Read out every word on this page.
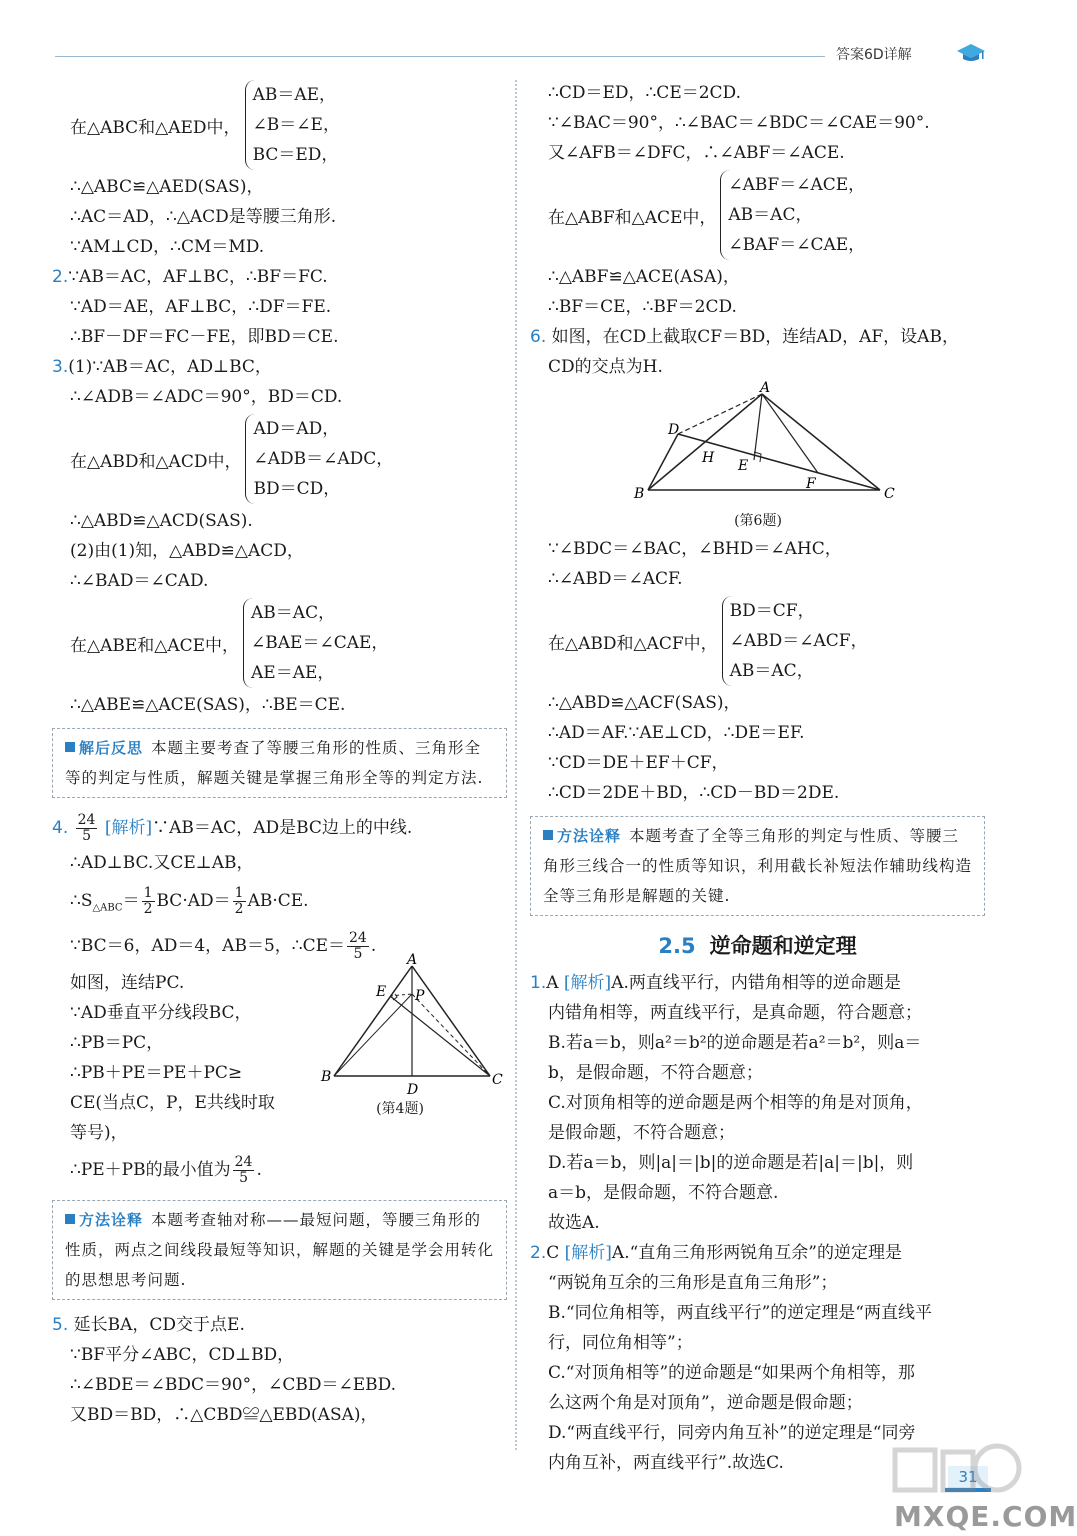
答案6D详解
在△ABC和△AED中，
AB＝AE，
∠B＝∠E，
BC＝ED，
∴△ABC≌△AED(SAS)，
∴AC＝AD，∴△ACD是等腰三角形.
∵AM⊥CD，∴CM＝MD.
2.∵AB＝AC，AF⊥BC，∴BF＝FC.
∵AD＝AE，AF⊥BC，∴DF＝FE.
∴BF－DF＝FC－FE，即BD＝CE.
3.(1)∵AB＝AC，AD⊥BC，
∴∠ADB＝∠ADC＝90°，BD＝CD.
在△ABD和△ACD中，
AD＝AD，
∠ADB＝∠ADC，
BD＝CD，
∴△ABD≌△ACD(SAS).
(2)由(1)知，△ABD≌△ACD，
∴∠BAD＝∠CAD.
在△ABE和△ACE中，
AB＝AC，
∠BAE＝∠CAE，
AE＝AE，
∴△ABE≌△ACE(SAS)，∴BE＝CE.
解后反思 本题主要考查了等腰三角形的性质、三角形全等的判定与性质，解题关键是掌握三角形全等的判定方法.
4. $\frac{24}{5}$ [解析]∵AB＝AC，AD是BC边上的中线.
∴AD⊥BC.又CE⊥AB，
$\therefore S_{\triangle ABC}= \frac{1}{2} BC\cdot AD= \frac{1}{2} AB\cdot CE$.
∵BC＝6，AD＝4，AB＝5，∴CE＝ $\frac{24}{5}$ .
如图，连结PC.
∵AD垂直平分线段BC，
∴PB＝PC，
∴PB＋PE＝PE＋PC≥
CE(当点C，P，E共线时取
等号)，
A
E P
B
D
C
(第4题)
∴PE＋PB的最小值为 $\frac{24}{5}$ .
方法诠释 本题考查轴对称——最短问题，等腰三角形的性质，两点之间线段最短等知识，解题的关键是学会用转化的思想思考问题.
5. 延长BA，CD交于点E.
∵BF平分∠ABC，CD⊥BD，
∴∠BDE＝∠BDC＝90°，∠CBD＝∠EBD.
又BD＝BD，∴△CBD≌△EBD(ASA)，
∴CD＝ED，∴CE＝2CD.
∵∠BAC＝90°，∴∠BAC＝∠BDC＝∠CAE＝90°.
又∠AFB＝∠DFC，∴∠ABF＝∠ACE.
在△ABF和△ACE中，
∠ABF＝∠ACE，
AB＝AC，
∠BAF＝∠CAE，
∴△ABF≌△ACE(ASA)，
∴BF＝CE，∴BF＝2CD.
6. 如图，在CD上截取CF＝BD，连结AD，AF，设AB，
CD的交点为H.
A
D
H E
B
F
C
(第6题)
∵∠BDC＝∠BAC，∠BHD＝∠AHC，
∴∠ABD＝∠ACF.
在△ABD和△ACF中，
BD＝CF，
∠ABD＝∠ACF，
AB＝AC，
∴△ABD≌△ACF(SAS)，
∴AD＝AF.∵AE⊥CD，∴DE＝EF.
∵CD＝DE＋EF＋CF，
∴CD＝2DE＋BD，∴CD－BD＝2DE.
方法诠释 本题考查了全等三角形的判定与性质、等腰三角形三线合一的性质等知识，利用截长补短法作辅助线构造全等三角形是解题的关键.
2.5 逆命题和逆定理
1.A [解析]A.两直线平行，内错角相等的逆命题是
内错角相等，两直线平行，是真命题，符合题意；
B.若a＝b，则a²＝b²的逆命题是若a²＝b²，则a＝
b，是假命题，不符合题意；
C.对顶角相等的逆命题是两个相等的角是对顶角，
是假命题，不符合题意；
D.若a＝b，则|a|＝|b|的逆命题是若|a|＝|b|，则
a＝b，是假命题，不符合题意.
故选A.
2.C [解析]A.“直角三角形两锐角互余”的逆定理是
“两锐角互余的三角形是直角三角形”；
B.“同位角相等，两直线平行”的逆定理是“两直线平
行，同位角相等”；
C.“对顶角相等”的逆命题是“如果两个角相等，那
么这两个角是对顶角”，逆命题是假命题；
D.“两直线平行，同旁内角互补”的逆定理是“同旁
内角互补，两直线平行”.故选C.
31
MXQE.COM
